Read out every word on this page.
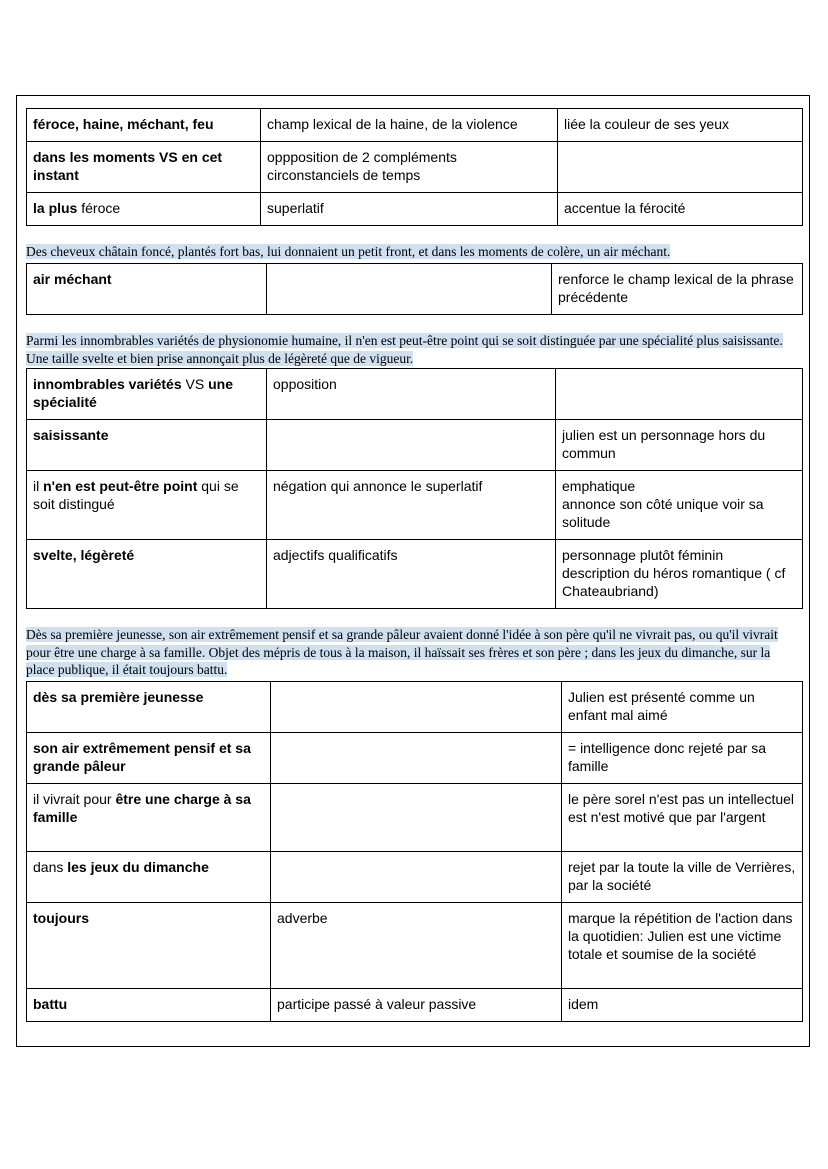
féroce, haine, méchant, feu	champ lexical de la haine, de la violence	liée la couleur de ses yeux
dans les moments VS en cet instant	oppposition de 2 compléments circonstanciels de temps	
la plus féroce	superlatif	accentue la férocité
Des cheveux châtain foncé, plantés fort bas, lui donnaient un petit front, et dans les moments de colère, un air méchant.
air méchant		renforce le champ lexical de la phrase précédente
Parmi les innombrables variétés de physionomie humaine, il n'en est peut-être point qui se soit distinguée par une spécialité plus saisissante. Une taille svelte et bien prise annonçait plus de légèreté que de vigueur.
innombrables variétés VS une spécialité	opposition	
saisissante		julien est un personnage hors du commun
il n'en est peut-être point qui se soit distingué	négation qui annonce le superlatif	emphatique
annonce son côté unique voir sa solitude
svelte, légèreté	adjectifs qualificatifs	personnage plutôt féminin
description du héros romantique ( cf Chateaubriand)
Dès sa première jeunesse, son air extrêmement pensif et sa grande pâleur avaient donné l'idée à son père qu'il ne vivrait pas, ou qu'il vivrait pour être une charge à sa famille. Objet des mépris de tous à la maison, il haïssait ses frères et son père ; dans les jeux du dimanche, sur la place publique, il était toujours battu.
dès sa première jeunesse		Julien est présenté comme un enfant mal aimé
son air extrêmement pensif et sa grande pâleur		= intelligence donc rejeté par sa famille
il vivrait pour être une charge à sa famille		le père sorel n'est pas un intellectuel est n'est motivé que par l'argent
dans les jeux du dimanche		rejet par la toute la ville de Verrières, par la société
toujours	adverbe	marque la répétition de l'action dans la quotidien: Julien est une victime totale et soumise de la société
battu	participe passé à valeur passive	idem
